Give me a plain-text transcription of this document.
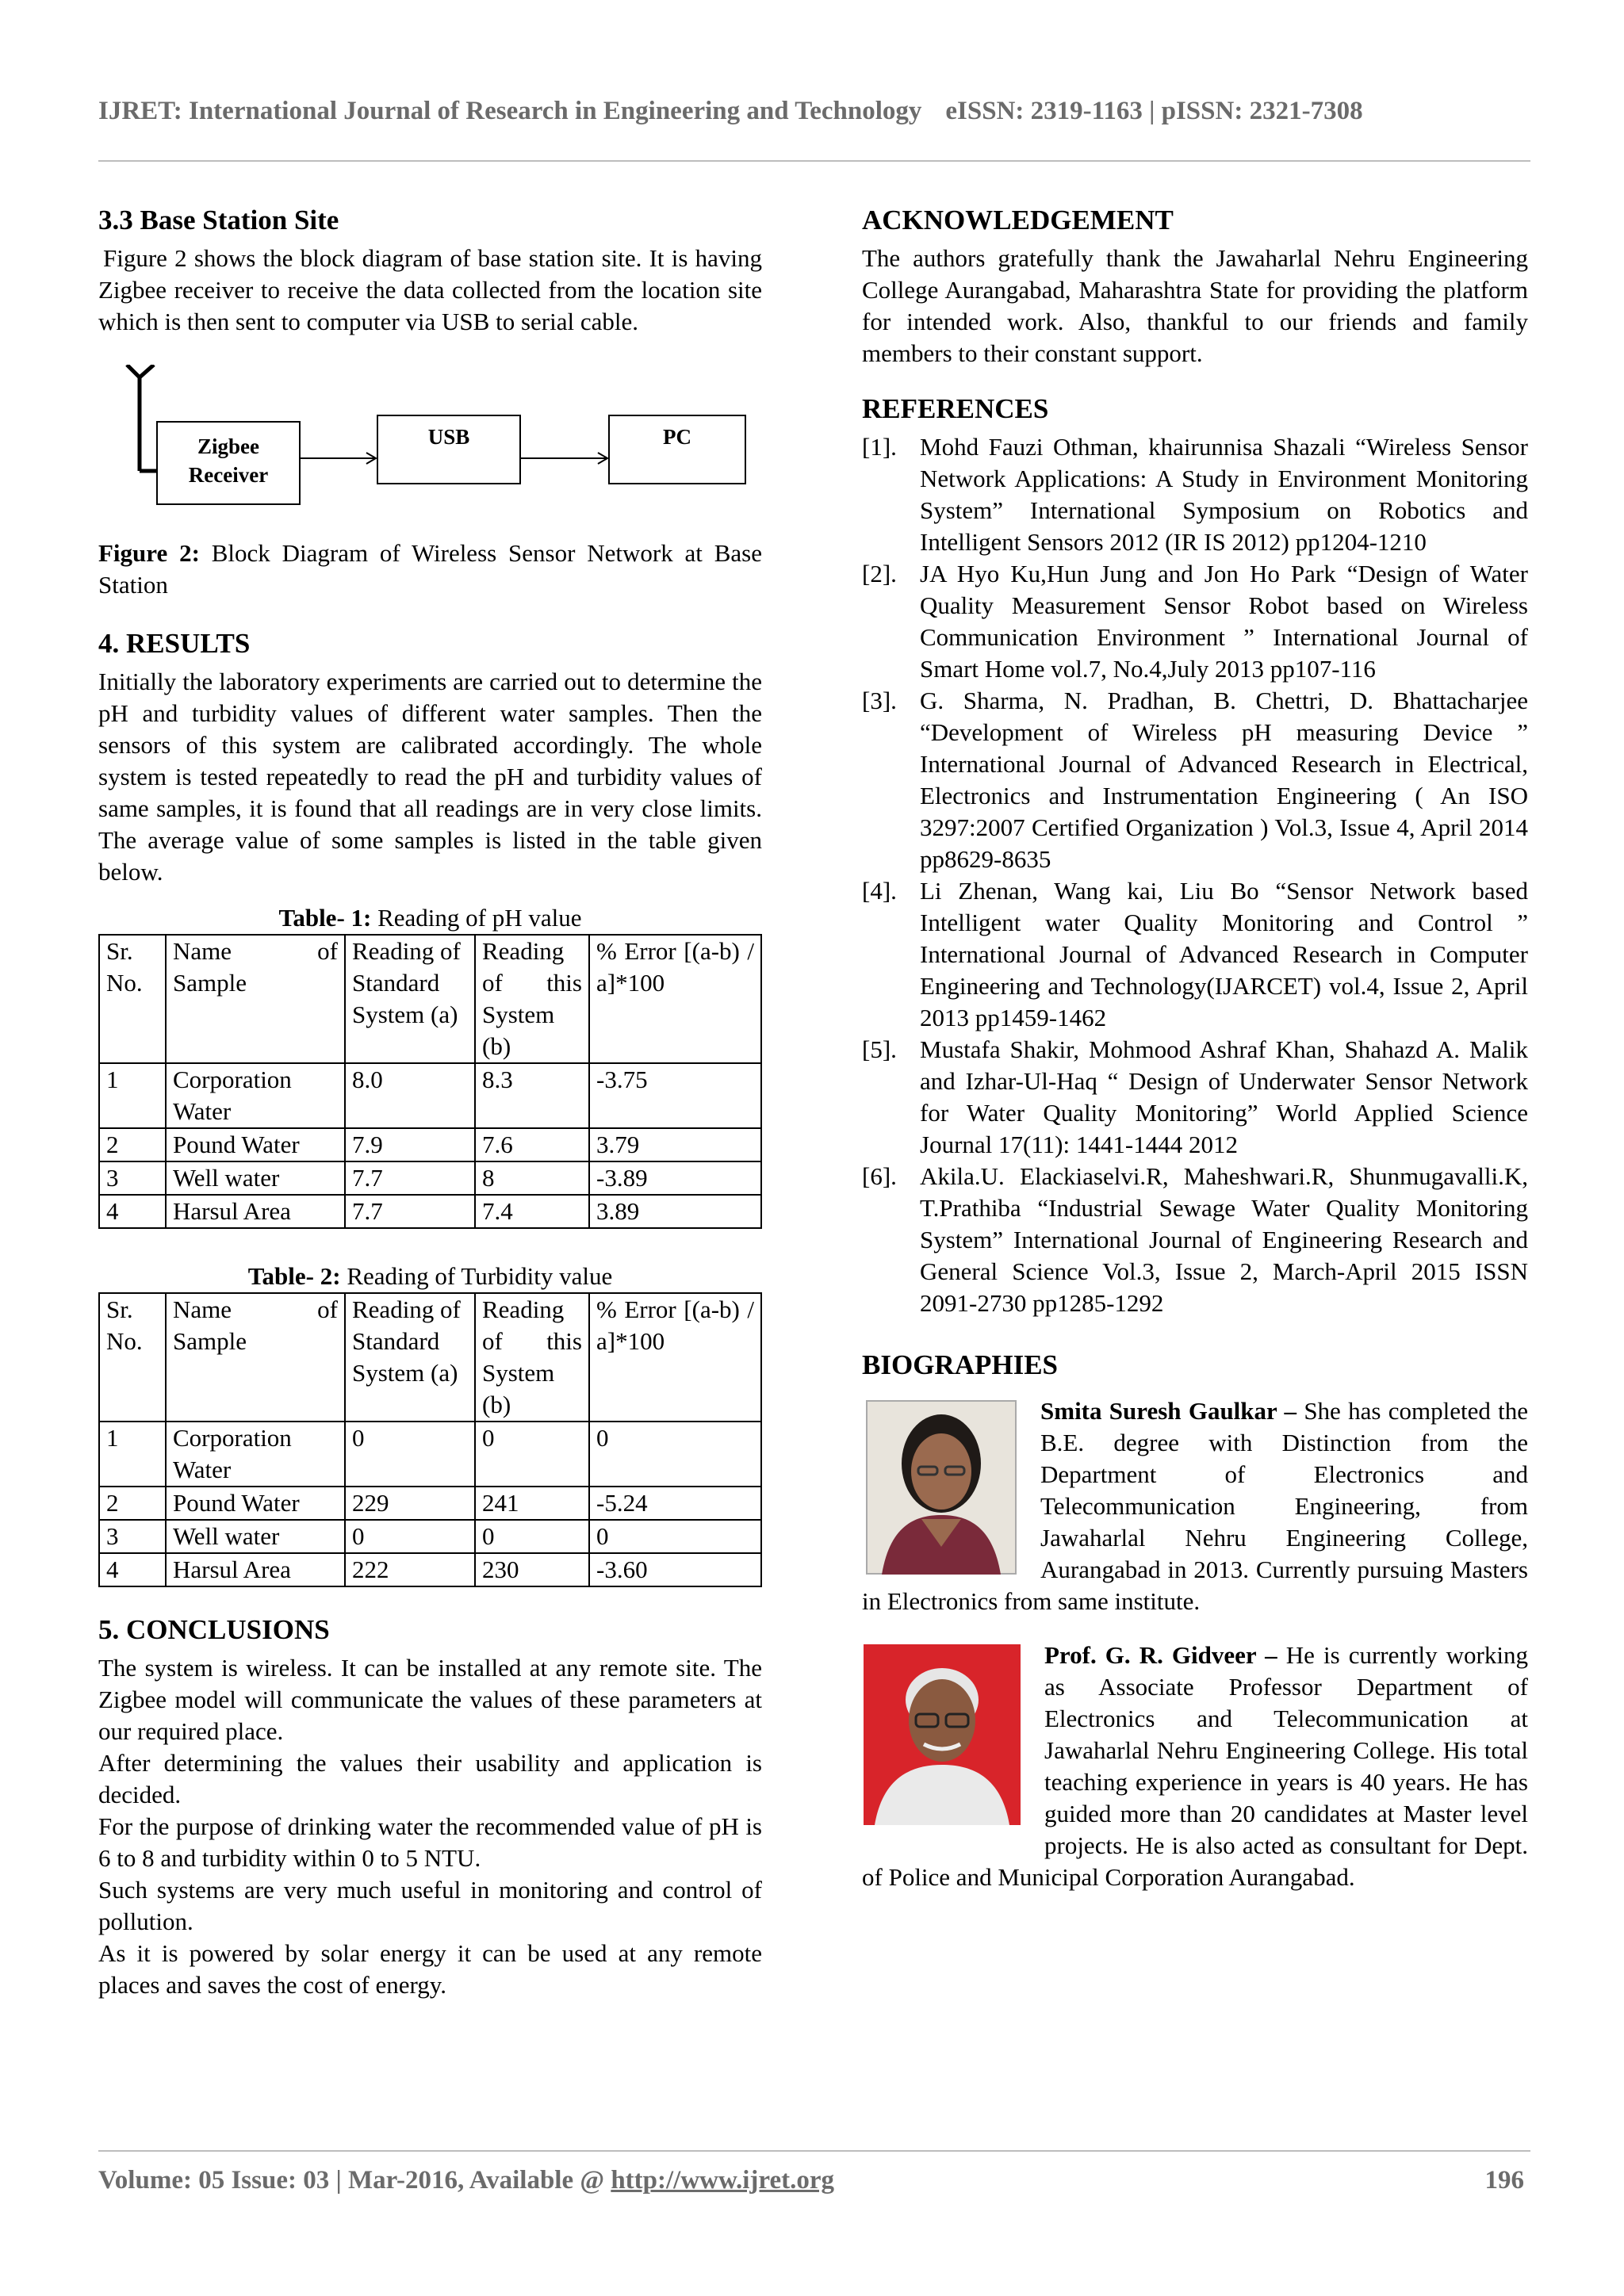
IJRET: International Journal of Research in Engineering and Technology eISSN: 2319-1163 | pISSN: 2321-7308
3.3 Base Station Site

Figure 2 shows the block diagram of base station site. It is having Zigbee receiver to receive the data collected from the location site which is then sent to computer via USB to serial cable.

Zigbee
Receiver
USB	PC

Figure 2: Block Diagram of Wireless Sensor Network at Base Station

4. RESULTS

Initially the laboratory experiments are carried out to determine the pH and turbidity values of different water samples. Then the sensors of this system are calibrated accordingly. The whole system is tested repeatedly to read the pH and turbidity values of same samples, it is found that all readings are in very close limits. The average value of some samples is listed in the table given below.

Table- 1: Reading of pH value
Sr. No.	Name of Sample	Reading of Standard System (a)	Reading of this System (b)	% Error [(a-b) / a]*100
1	Corporation Water	8.0	8.3	-3.75
2	Pound Water	7.9	7.6	3.79
3	Well water	7.7	8	-3.89
4	Harsul Area	7.7	7.4	3.89
Table- 2: Reading of Turbidity value
Sr. No.	Name of Sample	Reading of Standard System (a)	Reading of this System (b)	% Error [(a-b) / a]*100
1	Corporation Water	0	0	0
2	Pound Water	229	241	-5.24
3	Well water	0	0	0
4	Harsul Area	222	230	-3.60
5. CONCLUSIONS

The system is wireless. It can be installed at any remote site. The Zigbee model will communicate the values of these parameters at our required place.

After determining the values their usability and application is decided.

For the purpose of drinking water the recommended value of pH is 6 to 8 and turbidity within 0 to 5 NTU.

Such systems are very much useful in monitoring and control of pollution.

As it is powered by solar energy it can be used at any remote places and saves the cost of energy.

ACKNOWLEDGEMENT

The authors gratefully thank the Jawaharlal Nehru Engineering College Aurangabad, Maharashtra State for providing the platform for intended work. Also, thankful to our friends and family members to their constant support.

REFERENCES
[1]. Mohd Fauzi Othman, khairunnisa Shazali “Wireless Sensor Network Applications: A Study in Environment Monitoring System” International Symposium on Robotics and Intelligent Sensors 2012 (IR IS 2012) pp1204-1210
[2]. JA Hyo Ku,Hun Jung and Jon Ho Park “Design of Water Quality Measurement Sensor Robot based on Wireless Communication Environment ” International Journal of Smart Home vol.7, No.4,July 2013 pp107-116
[3]. G. Sharma, N. Pradhan, B. Chettri, D. Bhattacharjee “Development of Wireless pH measuring Device ” International Journal of Advanced Research in Electrical, Electronics and Instrumentation Engineering ( An ISO 3297:2007 Certified Organization ) Vol.3, Issue 4, April 2014 pp8629-8635
[4]. Li Zhenan, Wang kai, Liu Bo “Sensor Network based Intelligent water Quality Monitoring and Control ” International Journal of Advanced Research in Computer Engineering and Technology(IJARCET) vol.4, Issue 2, April 2013 pp1459-1462
[5]. Mustafa Shakir, Mohmood Ashraf Khan, Shahazd A. Malik and Izhar-Ul-Haq “ Design of Underwater Sensor Network for Water Quality Monitoring” World Applied Science Journal 17(11): 1441-1444 2012
[6]. Akila.U. Elackiaselvi.R, Maheshwari.R, Shunmugavalli.K, T.Prathiba “Industrial Sewage Water Quality Monitoring System” International Journal of Engineering Research and General Science Vol.3, Issue 2, March-April 2015 ISSN 2091-2730 pp1285-1292
BIOGRAPHIES

Smita Suresh Gaulkar – She has completed the B.E. degree with Distinction from the Department of Electronics and Telecommunication Engineering, from Jawaharlal Nehru Engineering College, Aurangabad in 2013. Currently pursuing Masters in Electronics from same institute.

Prof. G. R. Gidveer – He is currently working as Associate Professor Department of Electronics and Telecommunication at Jawaharlal Nehru Engineering College. His total teaching experience in years is 40 years. He has guided more than 20 candidates at Master level projects. He is also acted as consultant for Dept. of Police and Municipal Corporation Aurangabad.

Volume: 05 Issue: 03 | Mar-2016, Available @ http://www.ijret.org	196
